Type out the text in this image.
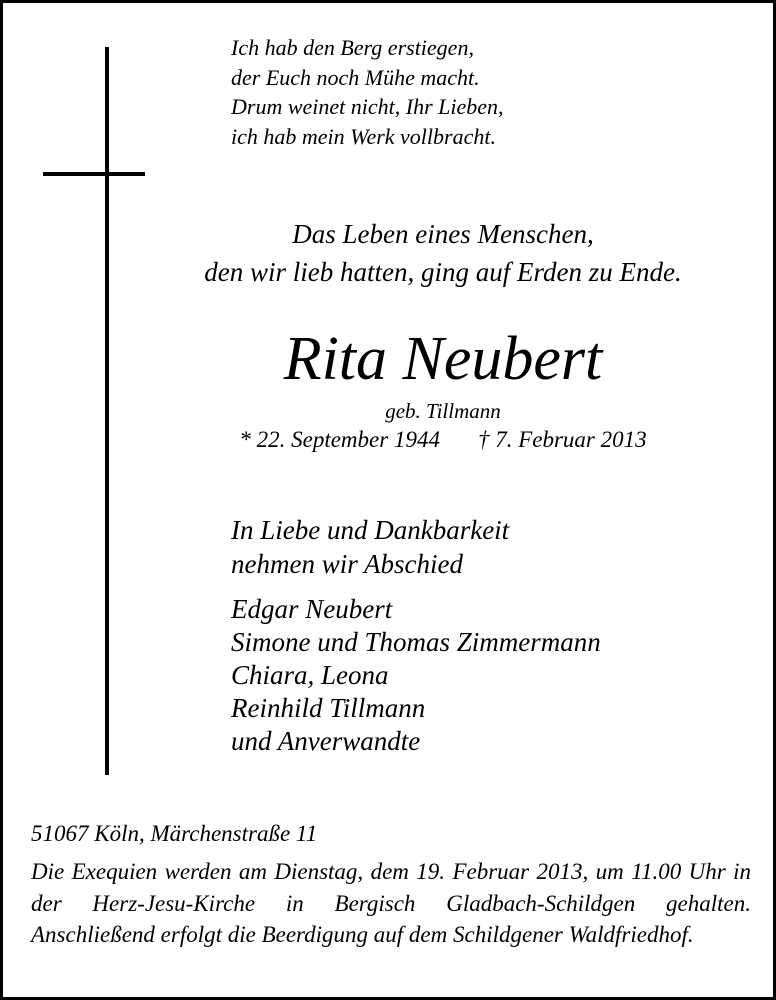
Ich hab den Berg erstiegen,
der Euch noch Mühe macht.
Drum weinet nicht, Ihr Lieben,
ich hab mein Werk vollbracht.
Das Leben eines Menschen,
den wir lieb hatten, ging auf Erden zu Ende.
Rita Neubert
geb. Tillmann
* 22. September 1944 † 7. Februar 2013
In Liebe und Dankbarkeit
nehmen wir Abschied
Edgar Neubert
Simone und Thomas Zimmermann
Chiara, Leona
Reinhild Tillmann
und Anverwandte
51067 Köln, Märchenstraße 11
Die Exequien werden am Dienstag, dem 19. Februar 2013, um 11.00 Uhr in der Herz-Jesu-Kirche in Bergisch Gladbach-Schildgen gehalten. Anschließend erfolgt die Beerdigung auf dem Schildgener Waldfriedhof.
